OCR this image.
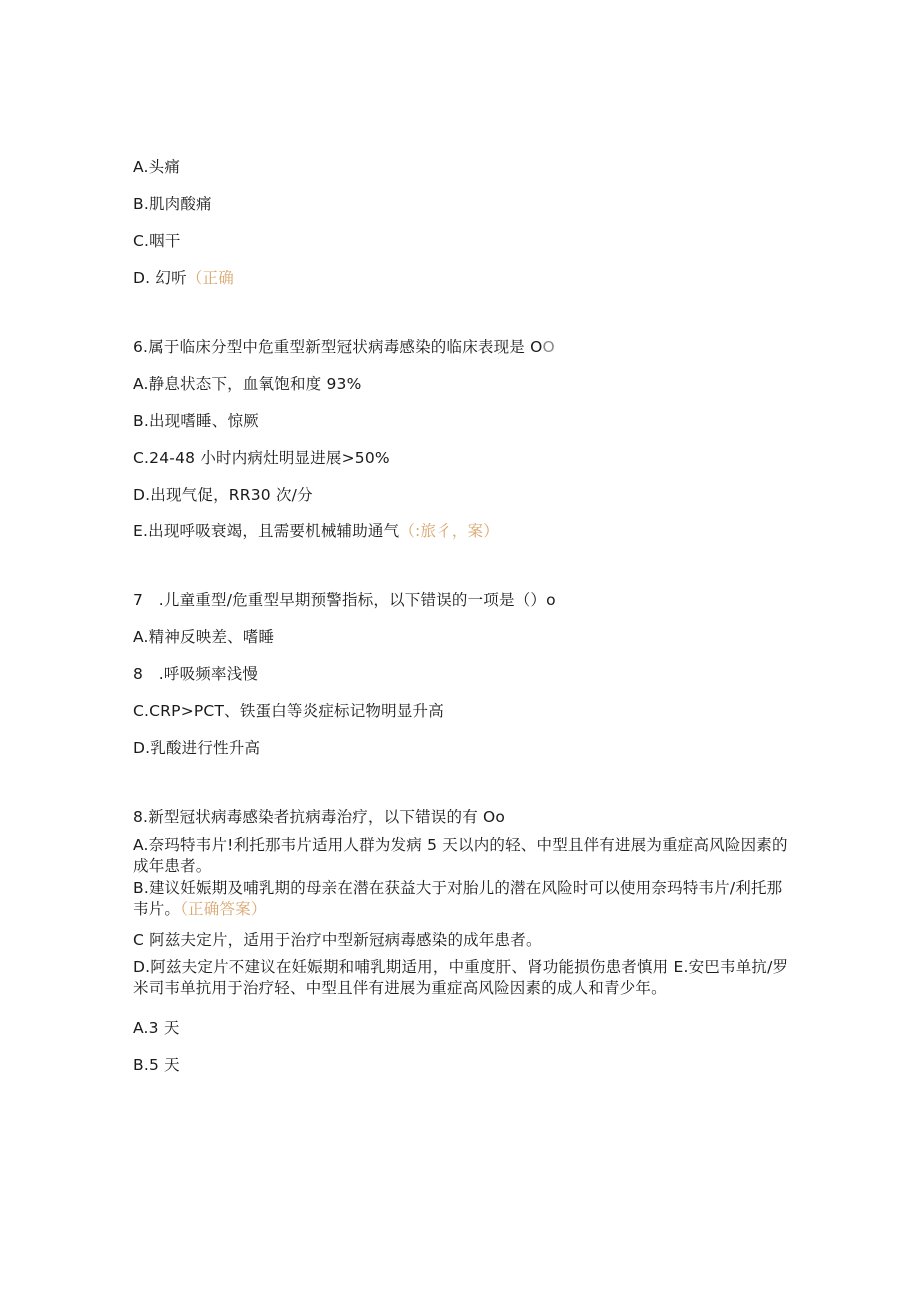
A.头痛
B.肌肉酸痛
C.咽干
D. 幻听（正确
6.属于临床分型中危重型新型冠状病毒感染的临床表现是 OO
A.静息状态下，血氧饱和度 93%
B.出现嗜睡、惊厥
C.24-48 小时内病灶明显进展>50%
D.出现气促，RR30 次/分
E.出现呼吸衰竭，且需要机械辅助通气（:旅彳，案）
7　.儿童重型/危重型早期预警指标，以下错误的一项是（）o
A.精神反映差、嗜睡
8　.呼吸频率浅慢
C.CRP>PCT、铁蛋白等炎症标记物明显升高
D.乳酸进行性升高
8.新型冠状病毒感染者抗病毒治疗，以下错误的有 Oo
A.奈玛特韦片!利托那韦片适用人群为发病 5 天以内的轻、中型且伴有进展为重症高风险因素的成年患者。
B.建议妊娠期及哺乳期的母亲在潜在获益大于对胎儿的潜在风险时可以使用奈玛特韦片/利托那韦片。（正确答案）
C 阿兹夫定片，适用于治疗中型新冠病毒感染的成年患者。
D.阿兹夫定片不建议在妊娠期和哺乳期适用，中重度肝、肾功能损伤患者慎用 E.安巴韦单抗/罗米司韦单抗用于治疗轻、中型且伴有进展为重症高风险因素的成人和青少年。
A.3 天
B.5 天
